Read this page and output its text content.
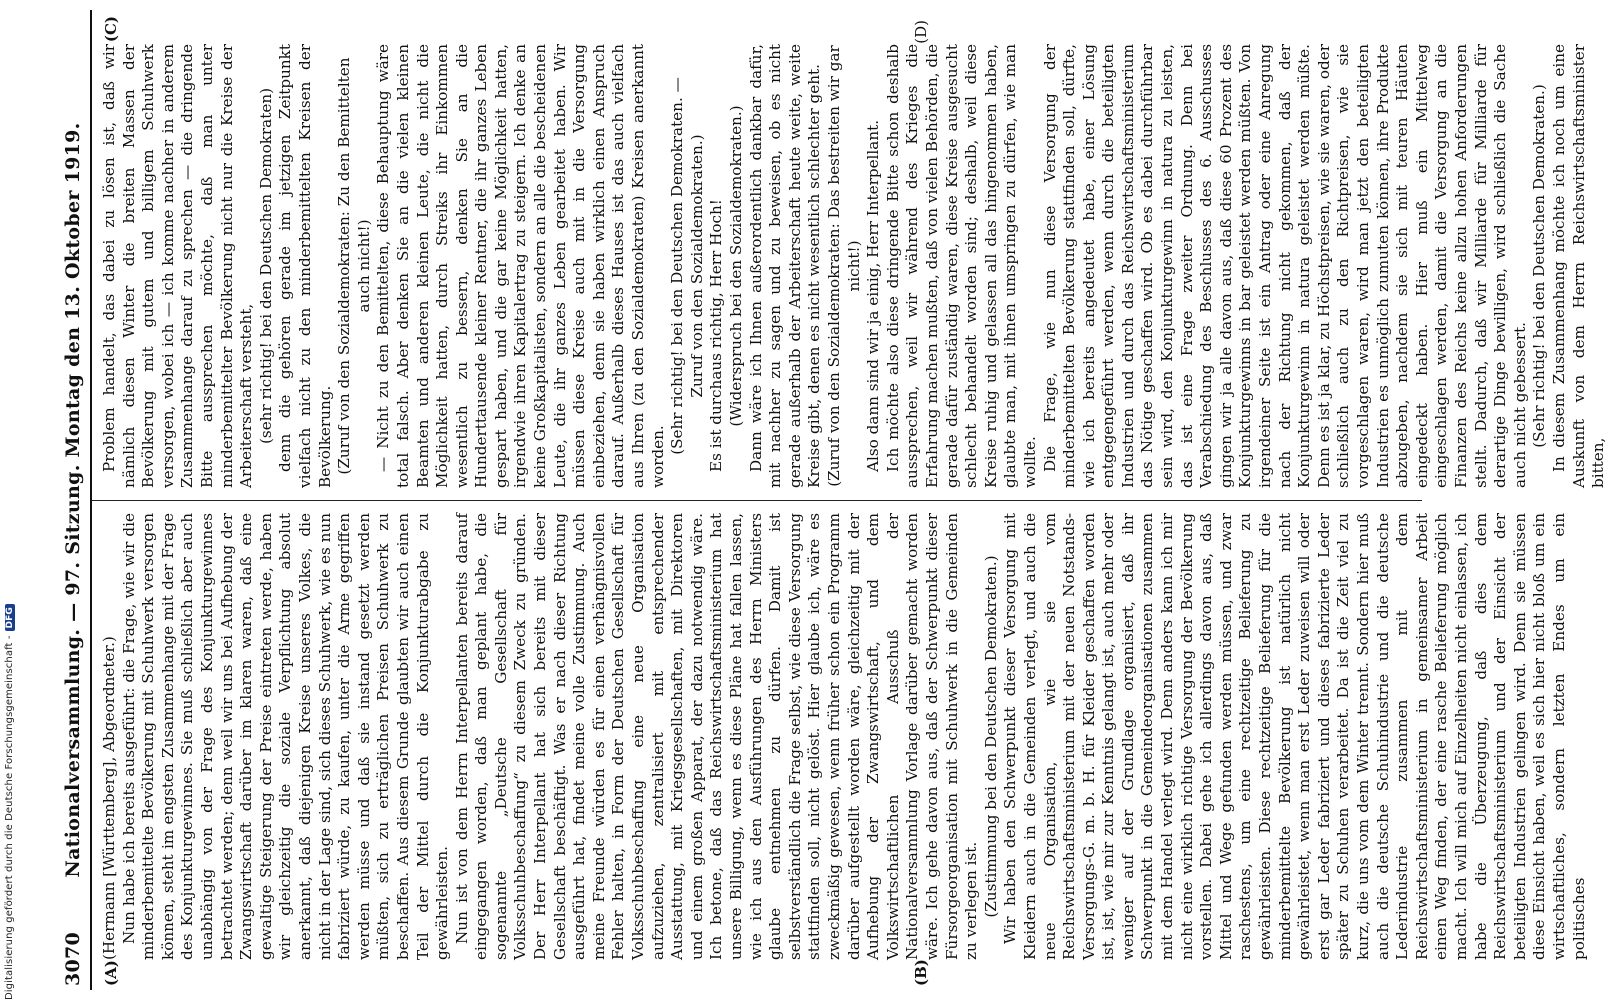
Digitalisierung gefördert durch die Deutsche Forschungsgemeinschaft -DFG
3070
Nationalversammlung. — 97. Sitzung. Montag den 13. Oktober 1919.
(A)	(B)

(Hermann [Württemberg], Abgeordneter.) Nun habe ich bereits ausgeführt: die Frage, wie wir die minderbemittelte Bevölkerung mit Schuhwerk versorgen können, steht im engsten Zusammenhange mit der Frage des Konjunkturgewinnes. Sie muß schließlich aber auch unabhängig von der Frage des Konjunkturgewinnes betrachtet werden; denn weil wir uns bei Aufhebung der Zwangswirtschaft darüber im klaren waren, daß eine gewaltige Steigerung der Preise eintreten werde, haben wir gleichzeitig die soziale Verpflichtung absolut anerkannt, daß diejenigen Kreise unseres Volkes, die nicht in der Lage sind, sich dieses Schuhwerk, wie es nun fabriziert würde, zu kaufen, unter die Arme gegriffen werden müsse und daß sie instand gesetzt werden müßten, sich zu erträglichen Preisen Schuhwerk zu beschaffen. Aus diesem Grunde glaubten wir auch einen Teil der Mittel durch die Konjunkturabgabe zu gewährleisten. Nun ist von dem Herrn Interpellanten bereits darauf eingegangen worden, daß man geplant habe, die sogenannte „Deutsche Gesellschaft für Volksschuhbeschaffung“ zu diesem Zweck zu gründen. Der Herr Interpellant hat sich bereits mit dieser Gesellschaft beschäftigt. Was er nach dieser Richtung ausgeführt hat, findet meine volle Zustimmung. Auch meine Freunde würden es für einen verhängnisvollen Fehler halten, in Form der Deutschen Gesellschaft für Volksschuhbeschaffung eine neue Organisation aufzuziehen, zentralisiert mit entsprechender Ausstattung, mit Kriegsgesellschaften, mit Direktoren und einem großen Apparat, der dazu notwendig wäre. Ich betone, daß das Reichswirtschaftsministerium hat unsere Billigung, wenn es diese Pläne hat fallen lassen, wie ich aus den Ausführungen des Herrn Ministers glaube entnehmen zu dürfen. Damit ist selbstverständlich die Frage selbst, wie diese Versorgung stattfinden soll, nicht gelöst. Hier glaube ich, wäre es zweckmäßig gewesen, wenn früher schon ein Programm darüber aufgestellt worden wäre, gleichzeitig mit der Aufhebung der Zwangswirtschaft, und dem Volkswirtschaftlichen Ausschuß der Nationalversammlung Vorlage darüber gemacht worden wäre. Ich gehe davon aus, daß der Schwerpunkt dieser Fürsorgeorganisation mit Schuhwerk in die Gemeinden zu verlegen ist. (Zustimmung bei den Deutschen Demokraten.) Wir haben den Schwerpunkt dieser Versorgung mit Kleidern auch in die Gemeinden verlegt, und auch die neue Organisation, wie sie vom Reichswirtschaftsministerium mit der neuen Notstands-Versorgungs-G. m. b. H. für Kleider geschaffen worden ist, ist, wie mir zur Kenntnis gelangt ist, auch mehr oder weniger auf der Grundlage organisiert, daß ihr Schwerpunkt in die Gemeindeorganisationen zusammen mit dem Handel verlegt wird. Denn anders kann ich mir nicht eine wirklich richtige Versorgung der Bevölkerung vorstellen. Dabei gehe ich allerdings davon aus, daß Mittel und Wege gefunden werden müssen, und zwar raschestens, um eine rechtzeitige Belieferung zu gewährleisten. Diese rechtzeitige Belieferung für die minderbemittelte Bevölkerung ist natürlich nicht gewährleistet, wenn man erst Leder zuweisen will oder erst gar Leder fabriziert und dieses fabrizierte Leder später zu Schuhen verarbeitet. Da ist die Zeit viel zu kurz, die uns vom dem Winter trennt. Sondern hier muß auch die deutsche Schuhindustrie und die deutsche Lederindustrie zusammen mit dem Reichswirtschaftsministerium in gemeinsamer Arbeit einen Weg finden, der eine rasche Belieferung möglich macht. Ich will mich auf Einzelheiten nicht einlassen, ich habe die Überzeugung, daß dies dem Reichswirtschaftsministerium und der Einsicht der beteiligten Industrien gelingen wird. Denn sie müssen diese Einsicht haben, weil es sich hier nicht bloß um ein wirtschaftliches, sondern letzten Endes um ein politisches

(C)	(D)

Problem handelt, das dabei zu lösen ist, daß wir nämlich diesen Winter die breiten Massen der Bevölkerung mit gutem und billigem Schuhwerk versorgen, wobei ich — ich komme nachher in anderem Zusammenhange darauf zu sprechen — die dringende Bitte aussprechen möchte, daß man unter minderbemittelter Bevölkerung nicht nur die Kreise der Arbeiterschaft versteht, (sehr richtig! bei den Deutschen Demokraten) denn die gehören gerade im jetzigen Zeitpunkt vielfach nicht zu den minderbemittelten Kreisen der Bevölkerung. (Zuruf von den Sozialdemokraten: Zu den Bemittelten auch nicht!) — Nicht zu den Bemittelten, diese Behauptung wäre total falsch. Aber denken Sie an die vielen kleinen Beamten und anderen kleinen Leute, die nicht die Möglichkeit hatten, durch Streiks ihr Einkommen wesentlich zu bessern, denken Sie an die Hunderttausende kleiner Rentner, die ihr ganzes Leben gespart haben, und die gar keine Möglichkeit hatten, irgendwie ihren Kapitalertrag zu steigern. Ich denke an keine Großkapitalisten, sondern an alle die bescheidenen Leute, die ihr ganzes Leben gearbeitet haben. Wir müssen diese Kreise auch mit in die Versorgung einbeziehen, denn sie haben wirklich einen Anspruch darauf. Außerhalb dieses Hauses ist das auch vielfach aus Ihren (zu den Sozialdemokraten) Kreisen anerkannt worden.

(Sehr richtig! bei den Deutschen Demokraten. — Zuruf von den Sozialdemokraten.) Es ist durchaus richtig, Herr Hoch! (Widerspruch bei den Sozialdemokraten.) Dann wäre ich Ihnen außerordentlich dankbar dafür, mit nachher zu sagen und zu beweisen, ob es nicht gerade außerhalb der Arbeiterschaft heute weite, weite Kreise gibt, denen es nicht wesentlich schlechter geht. (Zuruf von den Sozialdemokraten: Das bestreiten wir gar nicht!) Also dann sind wir ja einig, Herr Interpellant. Ich möchte also diese dringende Bitte schon deshalb aussprechen, weil wir während des Krieges die Erfahrung machen mußten, daß von vielen Behörden, die gerade dafür zuständig waren, diese Kreise ausgesucht schlecht behandelt worden sind; deshalb, weil diese Kreise ruhig und gelassen all das hingenommen haben, glaubte man, mit ihnen umspringen zu dürfen, wie man wollte. Die Frage, wie nun diese Versorgung der minderbemittelten Bevölkerung stattfinden soll, dürfte, wie ich bereits angedeutet habe, einer Lösung entgegengeführt werden, wenn durch die beteiligten Industrien und durch das Reichswirtschaftsministerium das Nötige geschaffen wird. Ob es dabei durchführbar sein wird, den Konjunkturgewinn in natura zu leisten, das ist eine Frage zweiter Ordnung. Denn bei Verabschiedung des Beschlusses des 6. Ausschusses gingen wir ja alle davon aus, daß diese 60 Prozent des Konjunkturgewinns in bar geleistet werden müßten. Von irgendeiner Seite ist ein Antrag oder eine Anregung nach der Richtung nicht gekommen, daß der Konjunkturgewinn in natura geleistet werden müßte. Denn es ist ja klar, zu Höchstpreisen, wie sie waren, oder schließlich auch zu den Richtpreisen, wie sie vorgeschlagen waren, wird man jetzt den beteiligten Industrien es unmöglich zumuten können, ihre Produkte abzugeben, nachdem sie sich mit teuren Häuten eingedeckt haben. Hier muß ein Mittelweg eingeschlagen werden, damit die Versorgung an die Finanzen des Reichs keine allzu hohen Anforderungen stellt. Dadurch, daß wir Milliarde für Milliarde für derartige Dinge bewilligen, wird schließlich die Sache auch nicht gebessert. (Sehr richtig! bei den Deutschen Demokraten.) In diesem Zusammenhang möchte ich noch um eine Auskunft von dem Herrn Reichswirtschaftsminister bitten,
